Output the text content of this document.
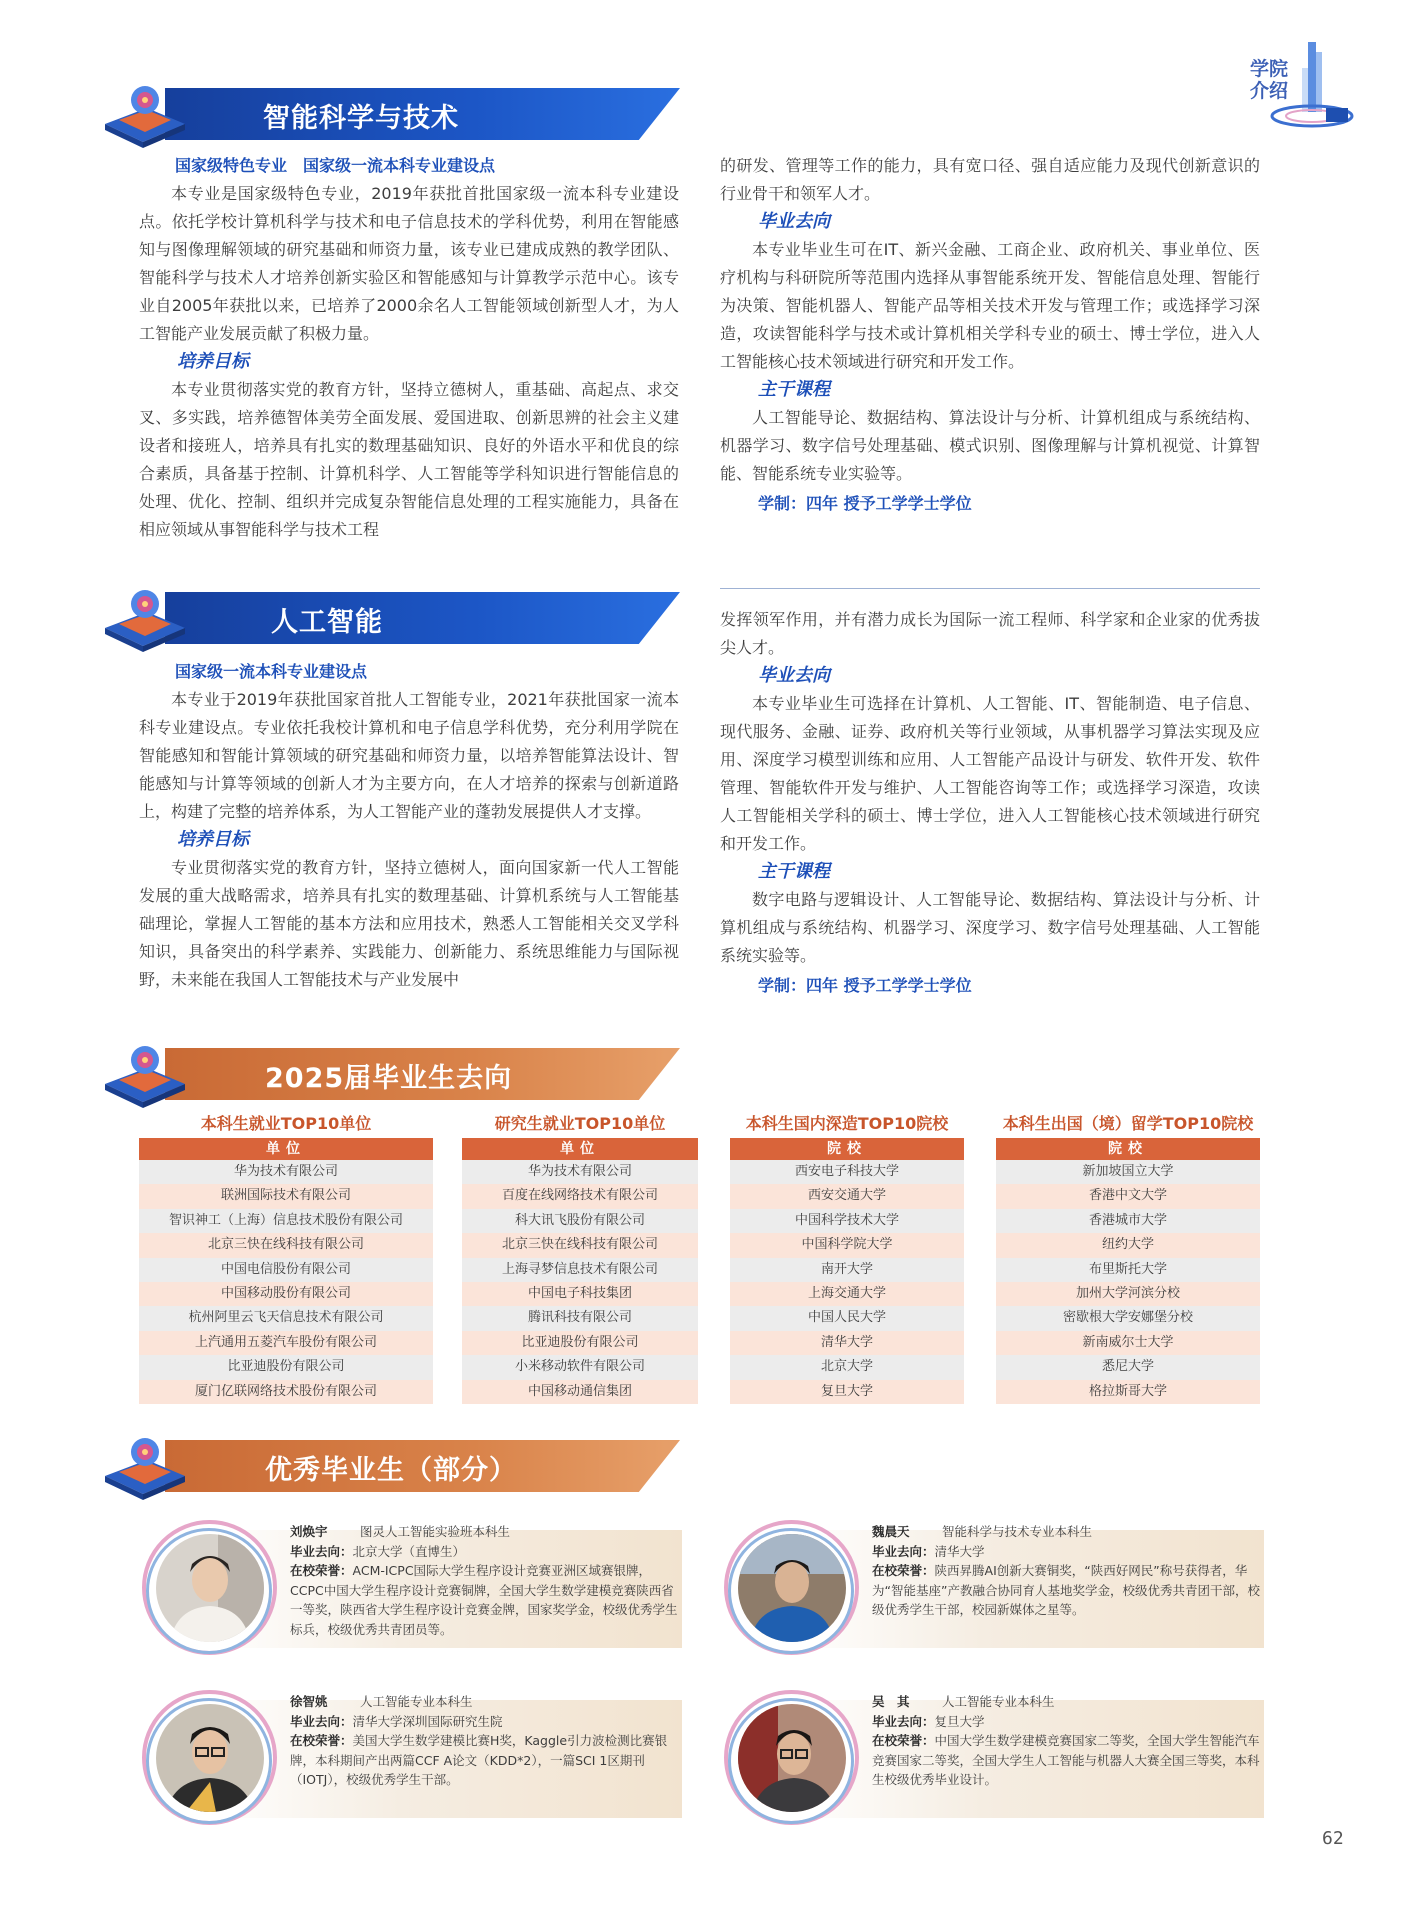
学院
介绍
智能科学与技术
国家级特色专业　国家级一流本科专业建设点

本专业是国家级特色专业，2019年获批首批国家级一流本科专业建设点。依托学校计算机科学与技术和电子信息技术的学科优势，利用在智能感知与图像理解领域的研究基础和师资力量，该专业已建成成熟的教学团队、智能科学与技术人才培养创新实验区和智能感知与计算教学示范中心。该专业自2005年获批以来，已培养了2000余名人工智能领域创新型人才，为人工智能产业发展贡献了积极力量。

培养目标

本专业贯彻落实党的教育方针，坚持立德树人，重基础、高起点、求交叉、多实践，培养德智体美劳全面发展、爱国进取、创新思辨的社会主义建设者和接班人，培养具有扎实的数理基础知识、良好的外语水平和优良的综合素质，具备基于控制、计算机科学、人工智能等学科知识进行智能信息的处理、优化、控制、组织并完成复杂智能信息处理的工程实施能力，具备在相应领域从事智能科学与技术工程

的研发、管理等工作的能力，具有宽口径、强自适应能力及现代创新意识的行业骨干和领军人才。
毕业去向

本专业毕业生可在IT、新兴金融、工商企业、政府机关、事业单位、医疗机构与科研院所等范围内选择从事智能系统开发、智能信息处理、智能行为决策、智能机器人、智能产品等相关技术开发与管理工作；或选择学习深造，攻读智能科学与技术或计算机相关学科专业的硕士、博士学位，进入人工智能核心技术领域进行研究和开发工作。

主干课程

人工智能导论、数据结构、算法设计与分析、计算机组成与系统结构、机器学习、数字信号处理基础、模式识别、图像理解与计算机视觉、计算智能、智能系统专业实验等。

学制：四年 授予工学学士学位
人工智能
国家级一流本科专业建设点

本专业于2019年获批国家首批人工智能专业，2021年获批国家一流本科专业建设点。专业依托我校计算机和电子信息学科优势，充分利用学院在智能感知和智能计算领域的研究基础和师资力量，以培养智能算法设计、智能感知与计算等领域的创新人才为主要方向，在人才培养的探索与创新道路上，构建了完整的培养体系，为人工智能产业的蓬勃发展提供人才支撑。

培养目标

专业贯彻落实党的教育方针，坚持立德树人，面向国家新一代人工智能发展的重大战略需求，培养具有扎实的数理基础、计算机系统与人工智能基础理论，掌握人工智能的基本方法和应用技术，熟悉人工智能相关交叉学科知识，具备突出的科学素养、实践能力、创新能力、系统思维能力与国际视野，未来能在我国人工智能技术与产业发展中

发挥领军作用，并有潜力成长为国际一流工程师、科学家和企业家的优秀拔尖人才。
毕业去向

本专业毕业生可选择在计算机、人工智能、IT、智能制造、电子信息、现代服务、金融、证券、政府机关等行业领域，从事机器学习算法实现及应用、深度学习模型训练和应用、人工智能产品设计与研发、软件开发、软件管理、智能软件开发与维护、人工智能咨询等工作；或选择学习深造，攻读人工智能相关学科的硕士、博士学位，进入人工智能核心技术领域进行研究和开发工作。

主干课程

数字电路与逻辑设计、人工智能导论、数据结构、算法设计与分析、计算机组成与系统结构、机器学习、深度学习、数字信号处理基础、人工智能系统实验等。

学制：四年 授予工学学士学位
2025届毕业生去向
本科生就业TOP10单位
单位
华为技术有限公司
联洲国际技术有限公司
智识神工（上海）信息技术股份有限公司
北京三快在线科技有限公司
中国电信股份有限公司
中国移动股份有限公司
杭州阿里云飞天信息技术有限公司
上汽通用五菱汽车股份有限公司
比亚迪股份有限公司
厦门亿联网络技术股份有限公司
研究生就业TOP10单位
单位
华为技术有限公司
百度在线网络技术有限公司
科大讯飞股份有限公司
北京三快在线科技有限公司
上海寻梦信息技术有限公司
中国电子科技集团
腾讯科技有限公司
比亚迪股份有限公司
小米移动软件有限公司
中国移动通信集团
本科生国内深造TOP10院校
院校
西安电子科技大学
西安交通大学
中国科学技术大学
中国科学院大学
南开大学
上海交通大学
中国人民大学
清华大学
北京大学
复旦大学
本科生出国（境）留学TOP10院校
院校
新加坡国立大学
香港中文大学
香港城市大学
纽约大学
布里斯托大学
加州大学河滨分校
密歇根大学安娜堡分校
新南威尔士大学
悉尼大学
格拉斯哥大学
优秀毕业生（部分）
刘焕宇	图灵人工智能实验班本科生
毕业去向：北京大学（直博生）
在校荣誉：ACM-ICPC国际大学生程序设计竞赛亚洲区域赛银牌，CCPC中国大学生程序设计竞赛铜牌，全国大学生数学建模竞赛陕西省一等奖，陕西省大学生程序设计竞赛金牌，国家奖学金，校级优秀学生标兵，校级优秀共青团员等。
魏晨天	智能科学与技术专业本科生
毕业去向：清华大学
在校荣誉：陕西昇腾AI创新大赛铜奖，“陕西好网民”称号获得者，华为“智能基座”产教融合协同育人基地奖学金，校级优秀共青团干部，校级优秀学生干部，校园新媒体之星等。
徐智姚	人工智能专业本科生
毕业去向：清华大学深圳国际研究生院
在校荣誉：美国大学生数学建模比赛H奖，Kaggle引力波检测比赛银牌，本科期间产出两篇CCF A论文（KDD*2），一篇SCI 1区期刊（IOTJ），校级优秀学生干部。
吴　其	人工智能专业本科生
毕业去向：复旦大学
在校荣誉：中国大学生数学建模竞赛国家二等奖，全国大学生智能汽车竞赛国家二等奖，全国大学生人工智能与机器人大赛全国三等奖，本科生校级优秀毕业设计。
62
